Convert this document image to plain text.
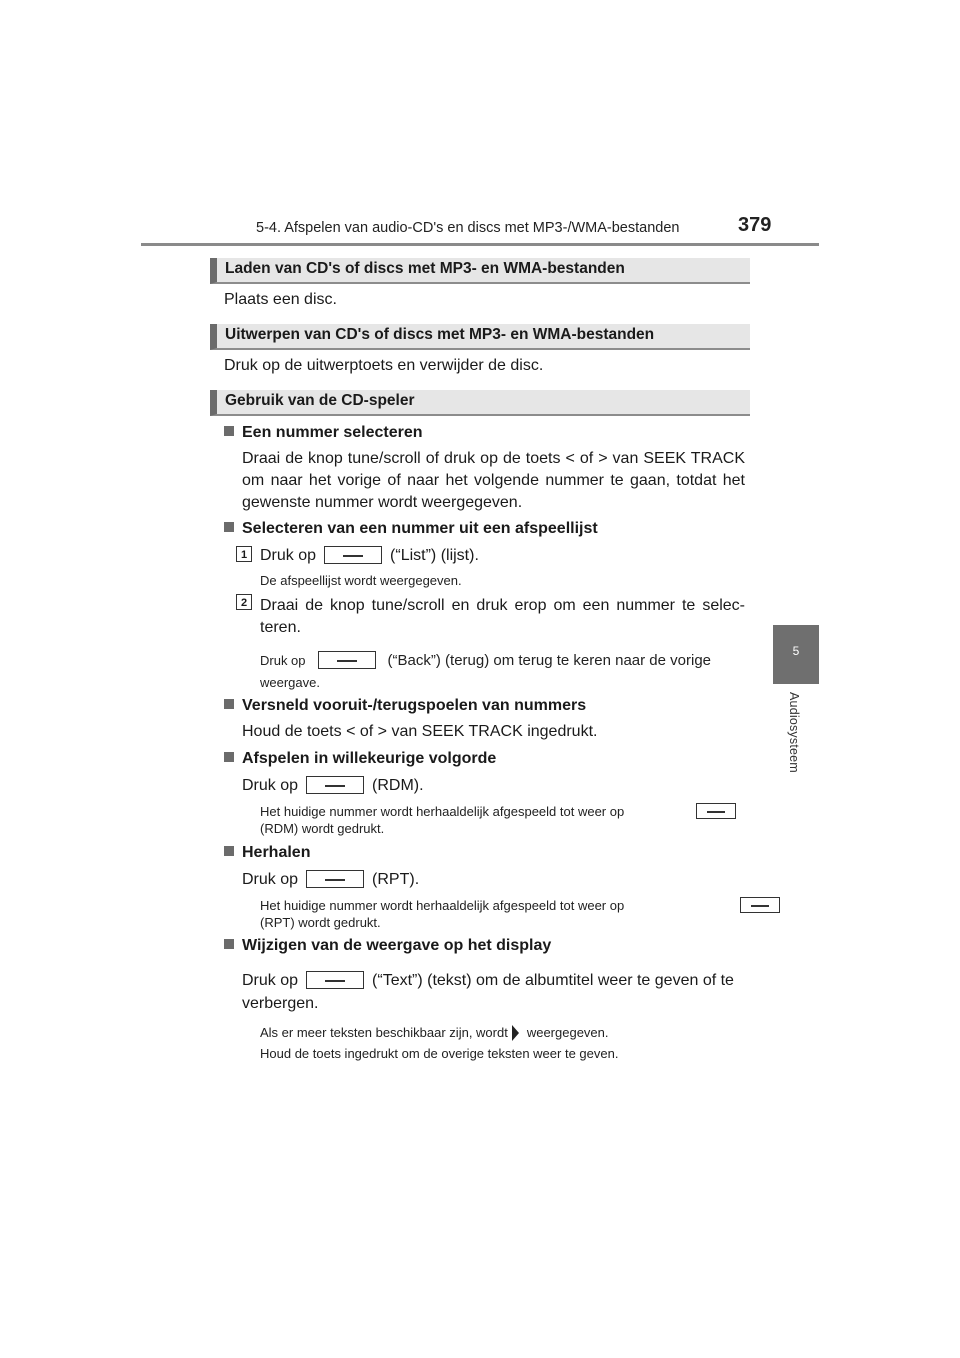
5-4. Afspelen van audio-CD's en discs met MP3-/WMA-bestanden	379
5
Audiosysteem
Laden van CD's of discs met MP3- en WMA-bestanden
Plaats een disc.
Uitwerpen van CD's of discs met MP3- en WMA-bestanden
Druk op de uitwerptoets en verwijder de disc.
Gebruik van de CD-speler
Een nummer selecteren
Draai de knop tune/scroll of druk op de toets < of > van SEEK TRACK om naar het vorige of naar het volgende nummer te gaan, totdat het gewenste nummer wordt weergegeven.
Selecteren van een nummer uit een afspeellijst
1 Druk op	(“List”) (lijst).
De afspeellijst wordt weergegeven.
2 Draai de knop tune/scroll en druk erop om een nummer te selec- teren.
Druk op	(“Back”) (terug) om terug te keren naar de vorige
weergave.
Versneld vooruit-/terugspoelen van nummers
Houd de toets < of > van SEEK TRACK ingedrukt.
Afspelen in willekeurige volgorde
Druk op	(RDM).
Het huidige nummer wordt herhaaldelijk afgespeeld tot weer op

(RDM) wordt gedrukt.
Herhalen
Druk op	(RPT).
Het huidige nummer wordt herhaaldelijk afgespeeld tot weer op
(RPT) wordt gedrukt.
Wijzigen van de weergave op het display
Druk op	(“Text”) (tekst) om de albumtitel weer te geven of te
verbergen.
Als er meer teksten beschikbaar zijn, wordt weergegeven.
Houd de toets ingedrukt om de overige teksten weer te geven.
